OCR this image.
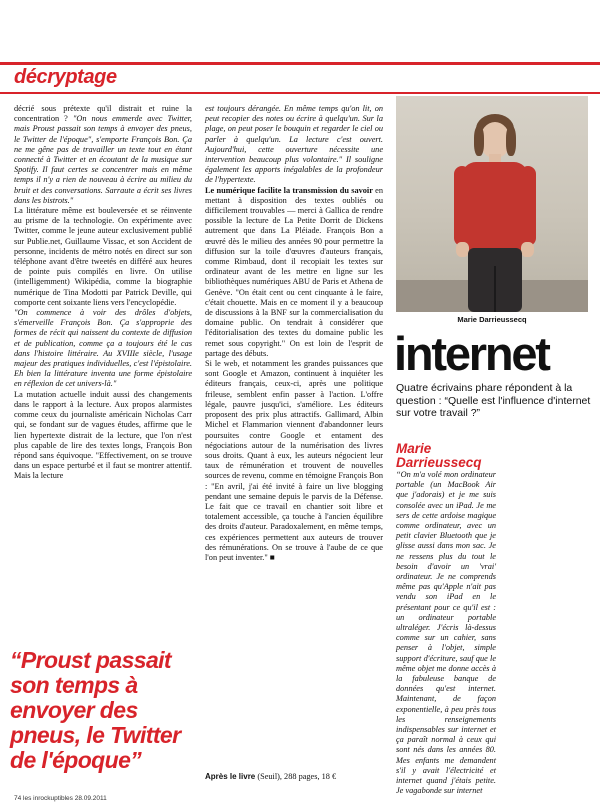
décryptage

décrié sous prétexte qu'il distrait et ruine la concentration ? "On nous emmerde avec Twitter, mais Proust passait son temps à envoyer des pneus, le Twitter de l'époque", s'emporte François Bon. Ça ne me gêne pas de travailler un texte tout en étant connecté à Twitter et en écoutant de la musique sur Spotify. Il faut certes se concentrer mais en même temps il n'y a rien de nouveau à écrire au milieu du bruit et des conversations. Sarraute a écrit ses livres dans les bistrots."

La littérature même est bouleversée et se réinvente au prisme de la technologie. On expérimente avec Twitter, comme le jeune auteur exclusivement publié sur Publie.net, Guillaume Vissac, et son Accident de personne, incidents de métro notés en direct sur son téléphone avant d'être tweetés en différé aux heures de pointe puis compilés en livre. On utilise (intelligemment) Wikipédia, comme la biographie numérique de Tina Modotti par Patrick Deville, qui comporte cent soixante liens vers l'encyclopédie.

"On commence à voir des drôles d'objets, s'émerveille François Bon. Ça s'approprie des formes de récit qui naissent du contexte de diffusion et de publication, comme ça a toujours été le cas dans l'histoire littéraire. Au XVIIIe siècle, l'usage majeur des pratiques individuelles, c'est l'épistolaire. Eh bien la littérature inventa une forme épistolaire en réflexion de cet univers-là."

La mutation actuelle induit aussi des changements dans le rapport à la lecture. Aux propos alarmistes comme ceux du journaliste américain Nicholas Carr qui, se fondant sur de vagues études, affirme que le lien hypertexte distrait de la lecture, que l'on n'est plus capable de lire des textes longs, François Bon répond sans équivoque. "Effectivement, on se trouve dans un espace perturbé et il faut se montrer attentif. Mais la lecture

est toujours dérangée. En même temps qu'on lit, on peut recopier des notes ou écrire à quelqu'un. Sur la plage, on peut poser le bouquin et regarder le ciel ou parler à quelqu'un. La lecture c'est ouvert. Aujourd'hui, cette ouverture nécessite une intervention beaucoup plus volontaire." Il souligne également les apports inégalables de la profondeur de l'hypertexte.

Le numérique facilite la transmission du savoir en mettant à disposition des textes oubliés ou difficilement trouvables — merci à Gallica de rendre possible la lecture de La Petite Dorrit de Dickens autrement que dans La Pléiade. François Bon a œuvré dès le milieu des années 90 pour permettre la diffusion sur la toile d'œuvres d'auteurs français, comme Rimbaud, dont il recopiait les textes sur ordinateur avant de les mettre en ligne sur les bibliothèques numériques ABU de Paris et Athena de Genève. "On était cent ou cent cinquante à le faire, c'était chouette. Mais en ce moment il y a beaucoup de discussions à la BNF sur la commercialisation du domaine public. On tendrait à considérer que l'éditorialisation des textes du domaine public les remet sous copyright." On est loin de l'esprit de partage des débuts.

Si le web, et notamment les grandes puissances que sont Google et Amazon, continuent à inquiéter les éditeurs français, ceux-ci, après une politique frileuse, semblent enfin passer à l'action. L'offre légale, pauvre jusqu'ici, s'améliore. Les éditeurs proposent des prix plus attractifs. Gallimard, Albin Michel et Flammarion viennent d'abandonner leurs poursuites contre Google et entament des négociations autour de la numérisation des livres sous droits. Quant à eux, les auteurs négocient leur taux de rémunération et trouvent de nouvelles sources de revenu, comme en témoigne François Bon : "En avril, j'ai été invité à faire un live blogging pendant une semaine depuis le parvis de la Défense. Le fait que ce travail en chantier soit libre et totalement accessible, ça touche à l'ancien équilibre des droits d'auteur. Paradoxalement, en même temps, ces expériences permettent aux auteurs de trouver des rémunérations. On se trouve à l'aube de ce que l'on peut inventer." ■

“Proust passait son temps à envoyer des pneus, le Twitter de l'époque”
Après le livre (Seuil), 288 pages, 18 €
74 les inrockuptibles 28.09.2011
Marie Darrieussecq
internet
Quatre écrivains phare répondent à la question : “Quelle est l'influence d'internet sur votre travail ?”
Marie Darrieussecq

“On m'a volé mon ordinateur portable (un MacBook Air que j'adorais) et je me suis consolée avec un iPad. Je me sers de cette ardoise magique comme ordinateur, avec un petit clavier Bluetooth que je glisse aussi dans mon sac. Je ne ressens plus du tout le besoin d'avoir un 'vrai' ordinateur. Je ne comprends même pas qu'Apple n'ait pas vendu son iPad en le présentant pour ce qu'il est : un ordinateur portable ultraléger. J'écris là-dessus comme sur un cahier, sans penser à l'objet, simple support d'écriture, sauf que le même objet me donne accès à la fabuleuse banque de données qu'est internet. Maintenant, de façon exponentielle, à peu près tous les renseignements indispensables sur internet et ça paraît normal à ceux qui sont nés dans les années 80. Mes enfants me demandent s'il y avait l'électricité et internet quand j'étais petite. Je vagabonde sur internet
